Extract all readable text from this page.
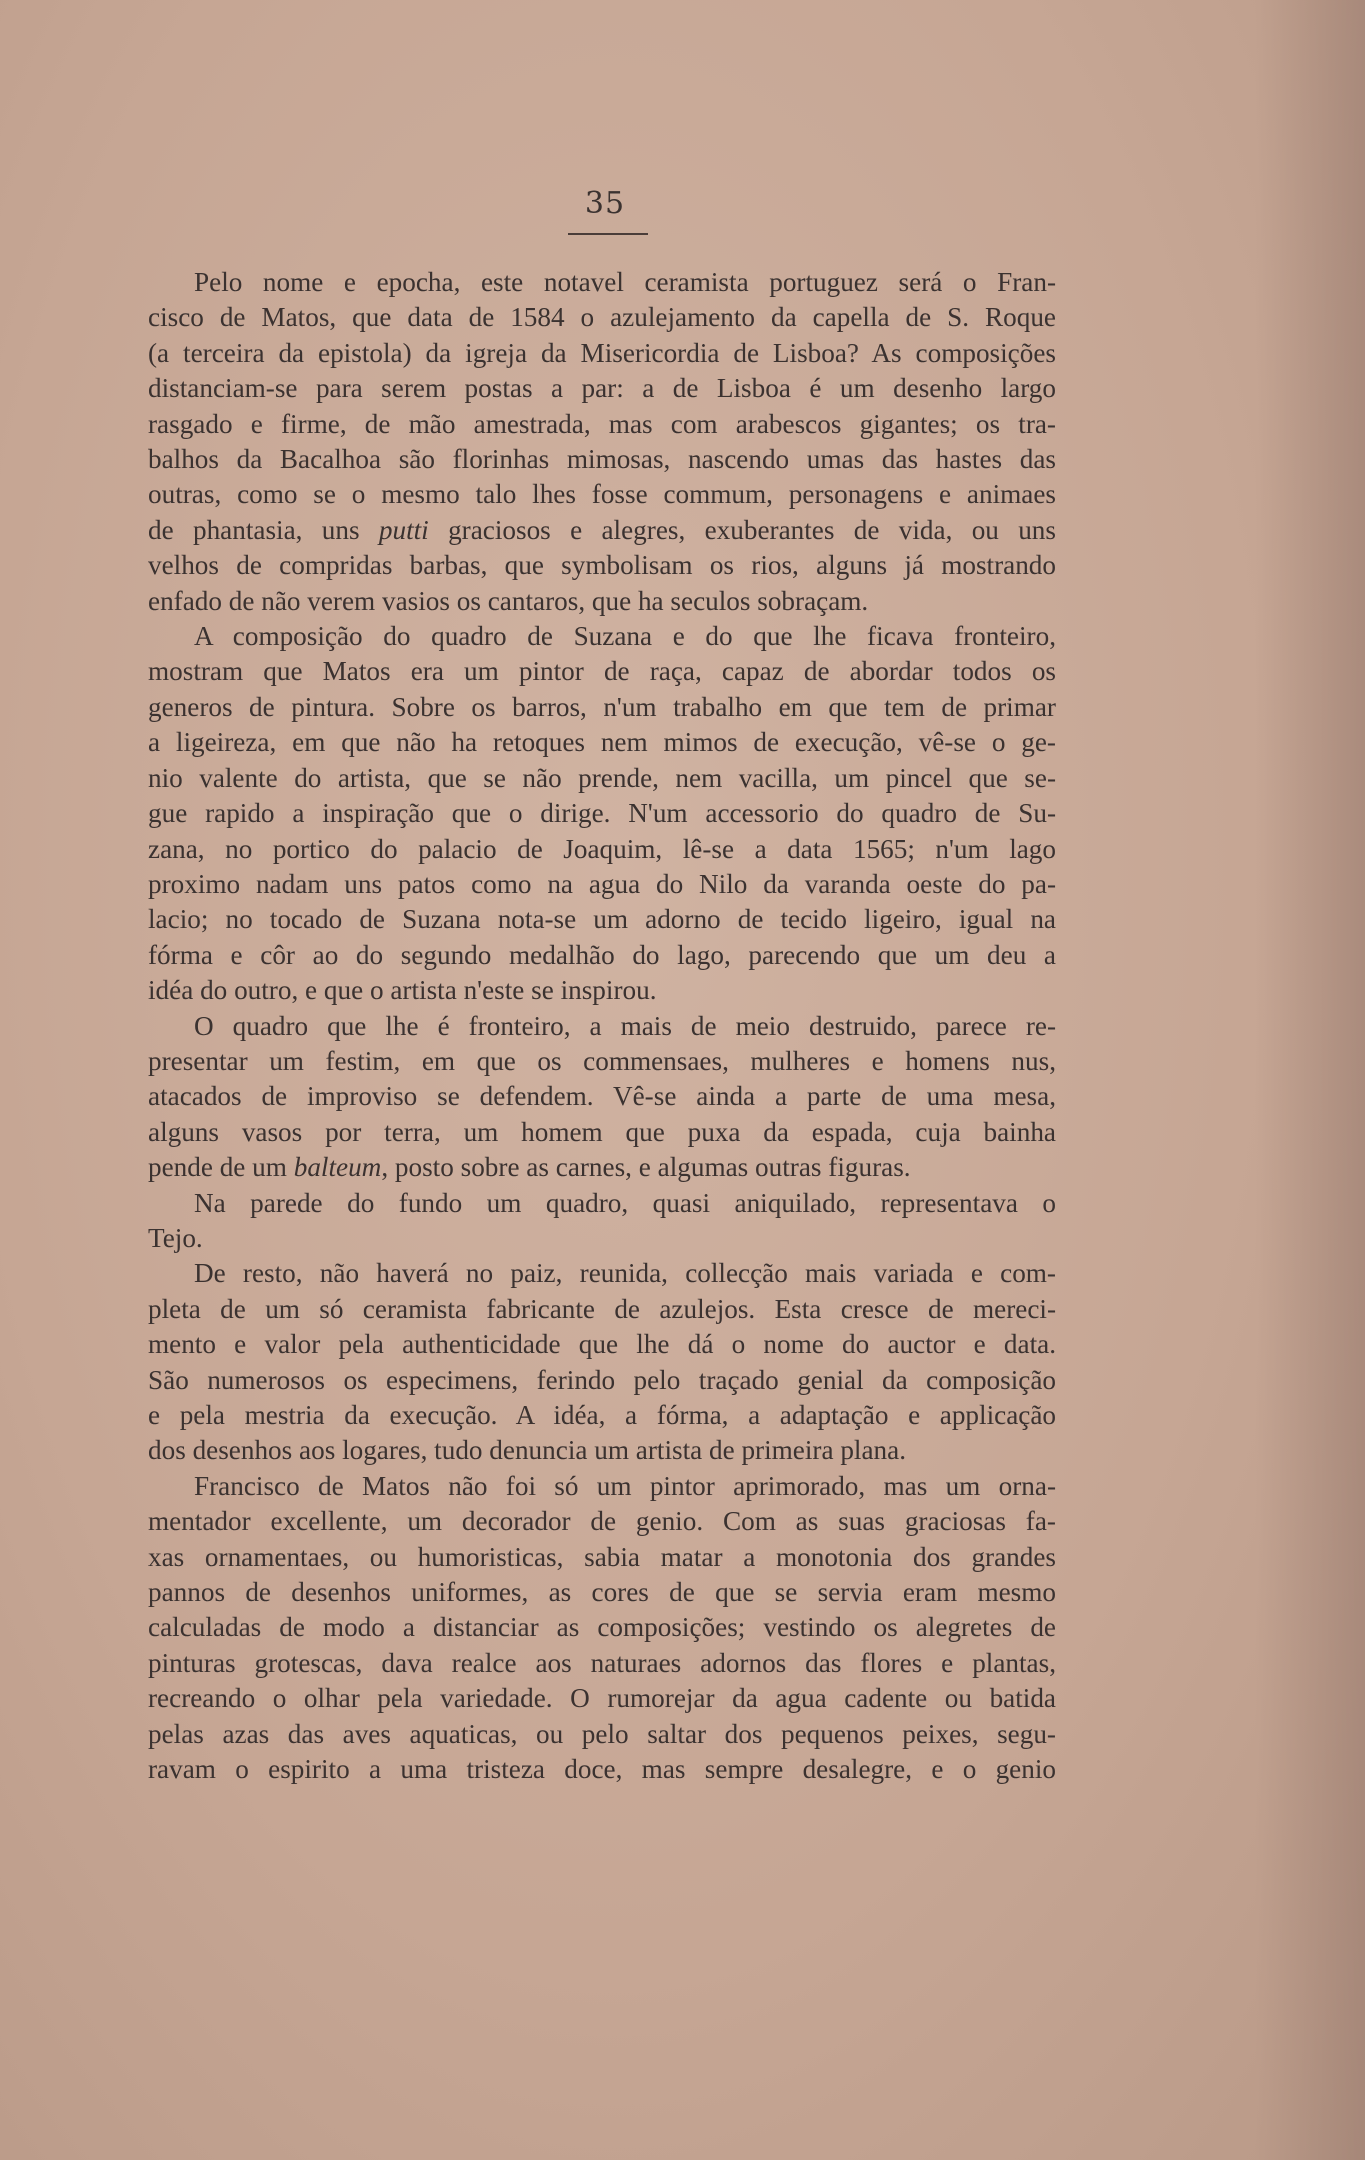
35
Pelo nome e epocha, este notavel ceramista portuguez será o Fran-
cisco de Matos, que data de 1584 o azulejamento da capella de S. Roque
(a terceira da epistola) da igreja da Misericordia de Lisboa? As composições
distanciam-se para serem postas a par: a de Lisboa é um desenho largo
rasgado e firme, de mão amestrada, mas com arabescos gigantes; os tra-
balhos da Bacalhoa são florinhas mimosas, nascendo umas das hastes das
outras, como se o mesmo talo lhes fosse commum, personagens e animaes
de phantasia, uns putti graciosos e alegres, exuberantes de vida, ou uns
velhos de compridas barbas, que symbolisam os rios, alguns já mostrando
enfado de não verem vasios os cantaros, que ha seculos sobraçam.
A composição do quadro de Suzana e do que lhe ficava fronteiro,
mostram que Matos era um pintor de raça, capaz de abordar todos os
generos de pintura. Sobre os barros, n'um trabalho em que tem de primar
a ligeireza, em que não ha retoques nem mimos de execução, vê-se o ge-
nio valente do artista, que se não prende, nem vacilla, um pincel que se-
gue rapido a inspiração que o dirige. N'um accessorio do quadro de Su-
zana, no portico do palacio de Joaquim, lê-se a data 1565; n'um lago
proximo nadam uns patos como na agua do Nilo da varanda oeste do pa-
lacio; no tocado de Suzana nota-se um adorno de tecido ligeiro, igual na
fórma e côr ao do segundo medalhão do lago, parecendo que um deu a
idéa do outro, e que o artista n'este se inspirou.
O quadro que lhe é fronteiro, a mais de meio destruido, parece re-
presentar um festim, em que os commensaes, mulheres e homens nus,
atacados de improviso se defendem. Vê-se ainda a parte de uma mesa,
alguns vasos por terra, um homem que puxa da espada, cuja bainha
pende de um balteum, posto sobre as carnes, e algumas outras figuras.
Na parede do fundo um quadro, quasi aniquilado, representava o
Tejo.
De resto, não haverá no paiz, reunida, collecção mais variada e com-
pleta de um só ceramista fabricante de azulejos. Esta cresce de mereci-
mento e valor pela authenticidade que lhe dá o nome do auctor e data.
São numerosos os especimens, ferindo pelo traçado genial da composição
e pela mestria da execução. A idéa, a fórma, a adaptação e applicação
dos desenhos aos logares, tudo denuncia um artista de primeira plana.
Francisco de Matos não foi só um pintor aprimorado, mas um orna-
mentador excellente, um decorador de genio. Com as suas graciosas fa-
xas ornamentaes, ou humoristicas, sabia matar a monotonia dos grandes
pannos de desenhos uniformes, as cores de que se servia eram mesmo
calculadas de modo a distanciar as composições; vestindo os alegretes de
pinturas grotescas, dava realce aos naturaes adornos das flores e plantas,
recreando o olhar pela variedade. O rumorejar da agua cadente ou batida
pelas azas das aves aquaticas, ou pelo saltar dos pequenos peixes, segu-
ravam o espirito a uma tristeza doce, mas sempre desalegre, e o genio
